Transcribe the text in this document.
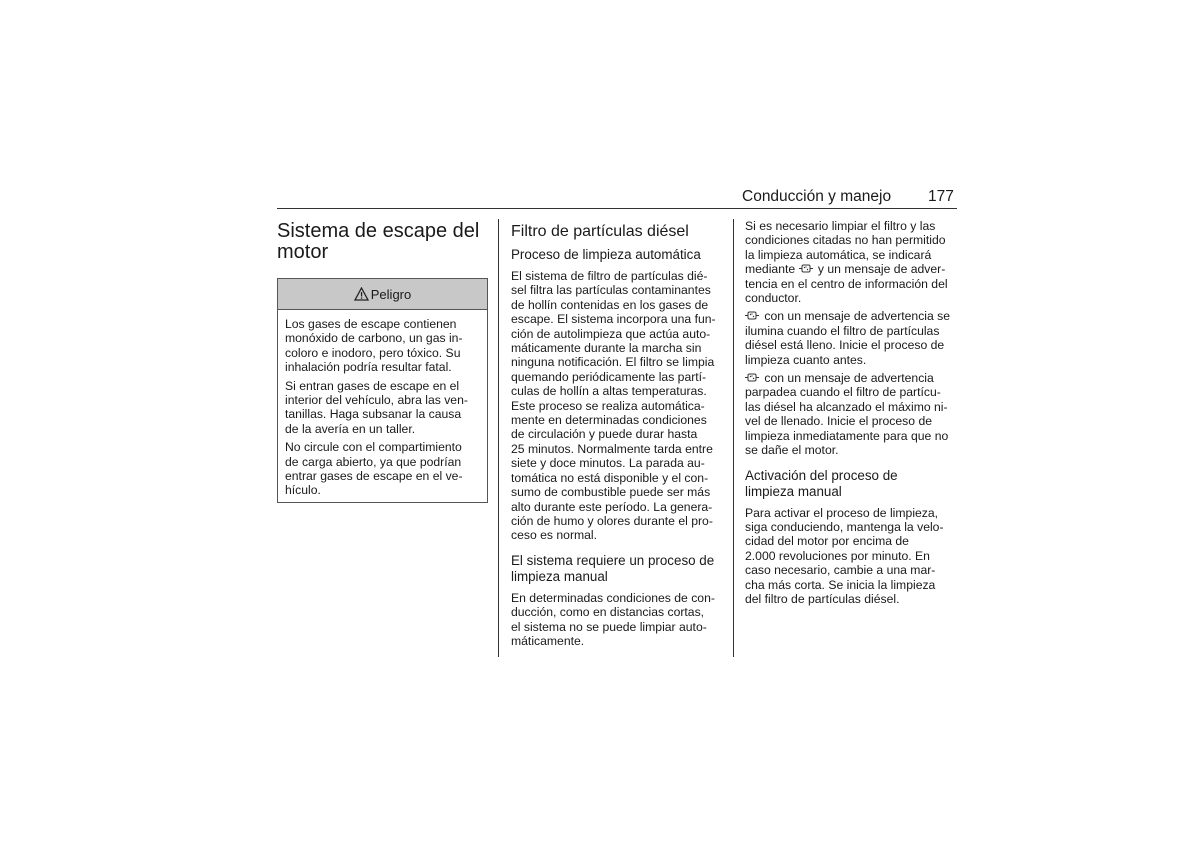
Conducción y manejo 177
Sistema de escape del
motor
Peligro

Los gases de escape contienen
monóxido de carbono, un gas in-
coloro e inodoro, pero tóxico. Su
inhalación podría resultar fatal.

Si entran gases de escape en el
interior del vehículo, abra las ven-
tanillas. Haga subsanar la causa
de la avería en un taller.

No circule con el compartimiento
de carga abierto, ya que podrían
entrar gases de escape en el ve-
hículo.

Filtro de partículas diésel
Proceso de limpieza automática

El sistema de filtro de partículas dié-
sel filtra las partículas contaminantes
de hollín contenidas en los gases de
escape. El sistema incorpora una fun-
ción de autolimpieza que actúa auto-
máticamente durante la marcha sin
ninguna notificación. El filtro se limpia
quemando periódicamente las partí-
culas de hollín a altas temperaturas.
Este proceso se realiza automática-
mente en determinadas condiciones
de circulación y puede durar hasta
25 minutos. Normalmente tarda entre
siete y doce minutos. La parada au-
tomática no está disponible y el con-
sumo de combustible puede ser más
alto durante este período. La genera-
ción de humo y olores durante el pro-
ceso es normal.

El sistema requiere un proceso de
limpieza manual

En determinadas condiciones de con-
ducción, como en distancias cortas,
el sistema no se puede limpiar auto-
máticamente.

Si es necesario limpiar el filtro y las
condiciones citadas no han permitido
la limpieza automática, se indicará
mediante y un mensaje de adver-
tencia en el centro de información del
conductor.

con un mensaje de advertencia se
ilumina cuando el filtro de partículas
diésel está lleno. Inicie el proceso de
limpieza cuanto antes.

con un mensaje de advertencia
parpadea cuando el filtro de partícu-
las diésel ha alcanzado el máximo ni-
vel de llenado. Inicie el proceso de
limpieza inmediatamente para que no
se dañe el motor.

Activación del proceso de
limpieza manual

Para activar el proceso de limpieza,
siga conduciendo, mantenga la velo-
cidad del motor por encima de
2.000 revoluciones por minuto. En
caso necesario, cambie a una mar-
cha más corta. Se inicia la limpieza
del filtro de partículas diésel.
